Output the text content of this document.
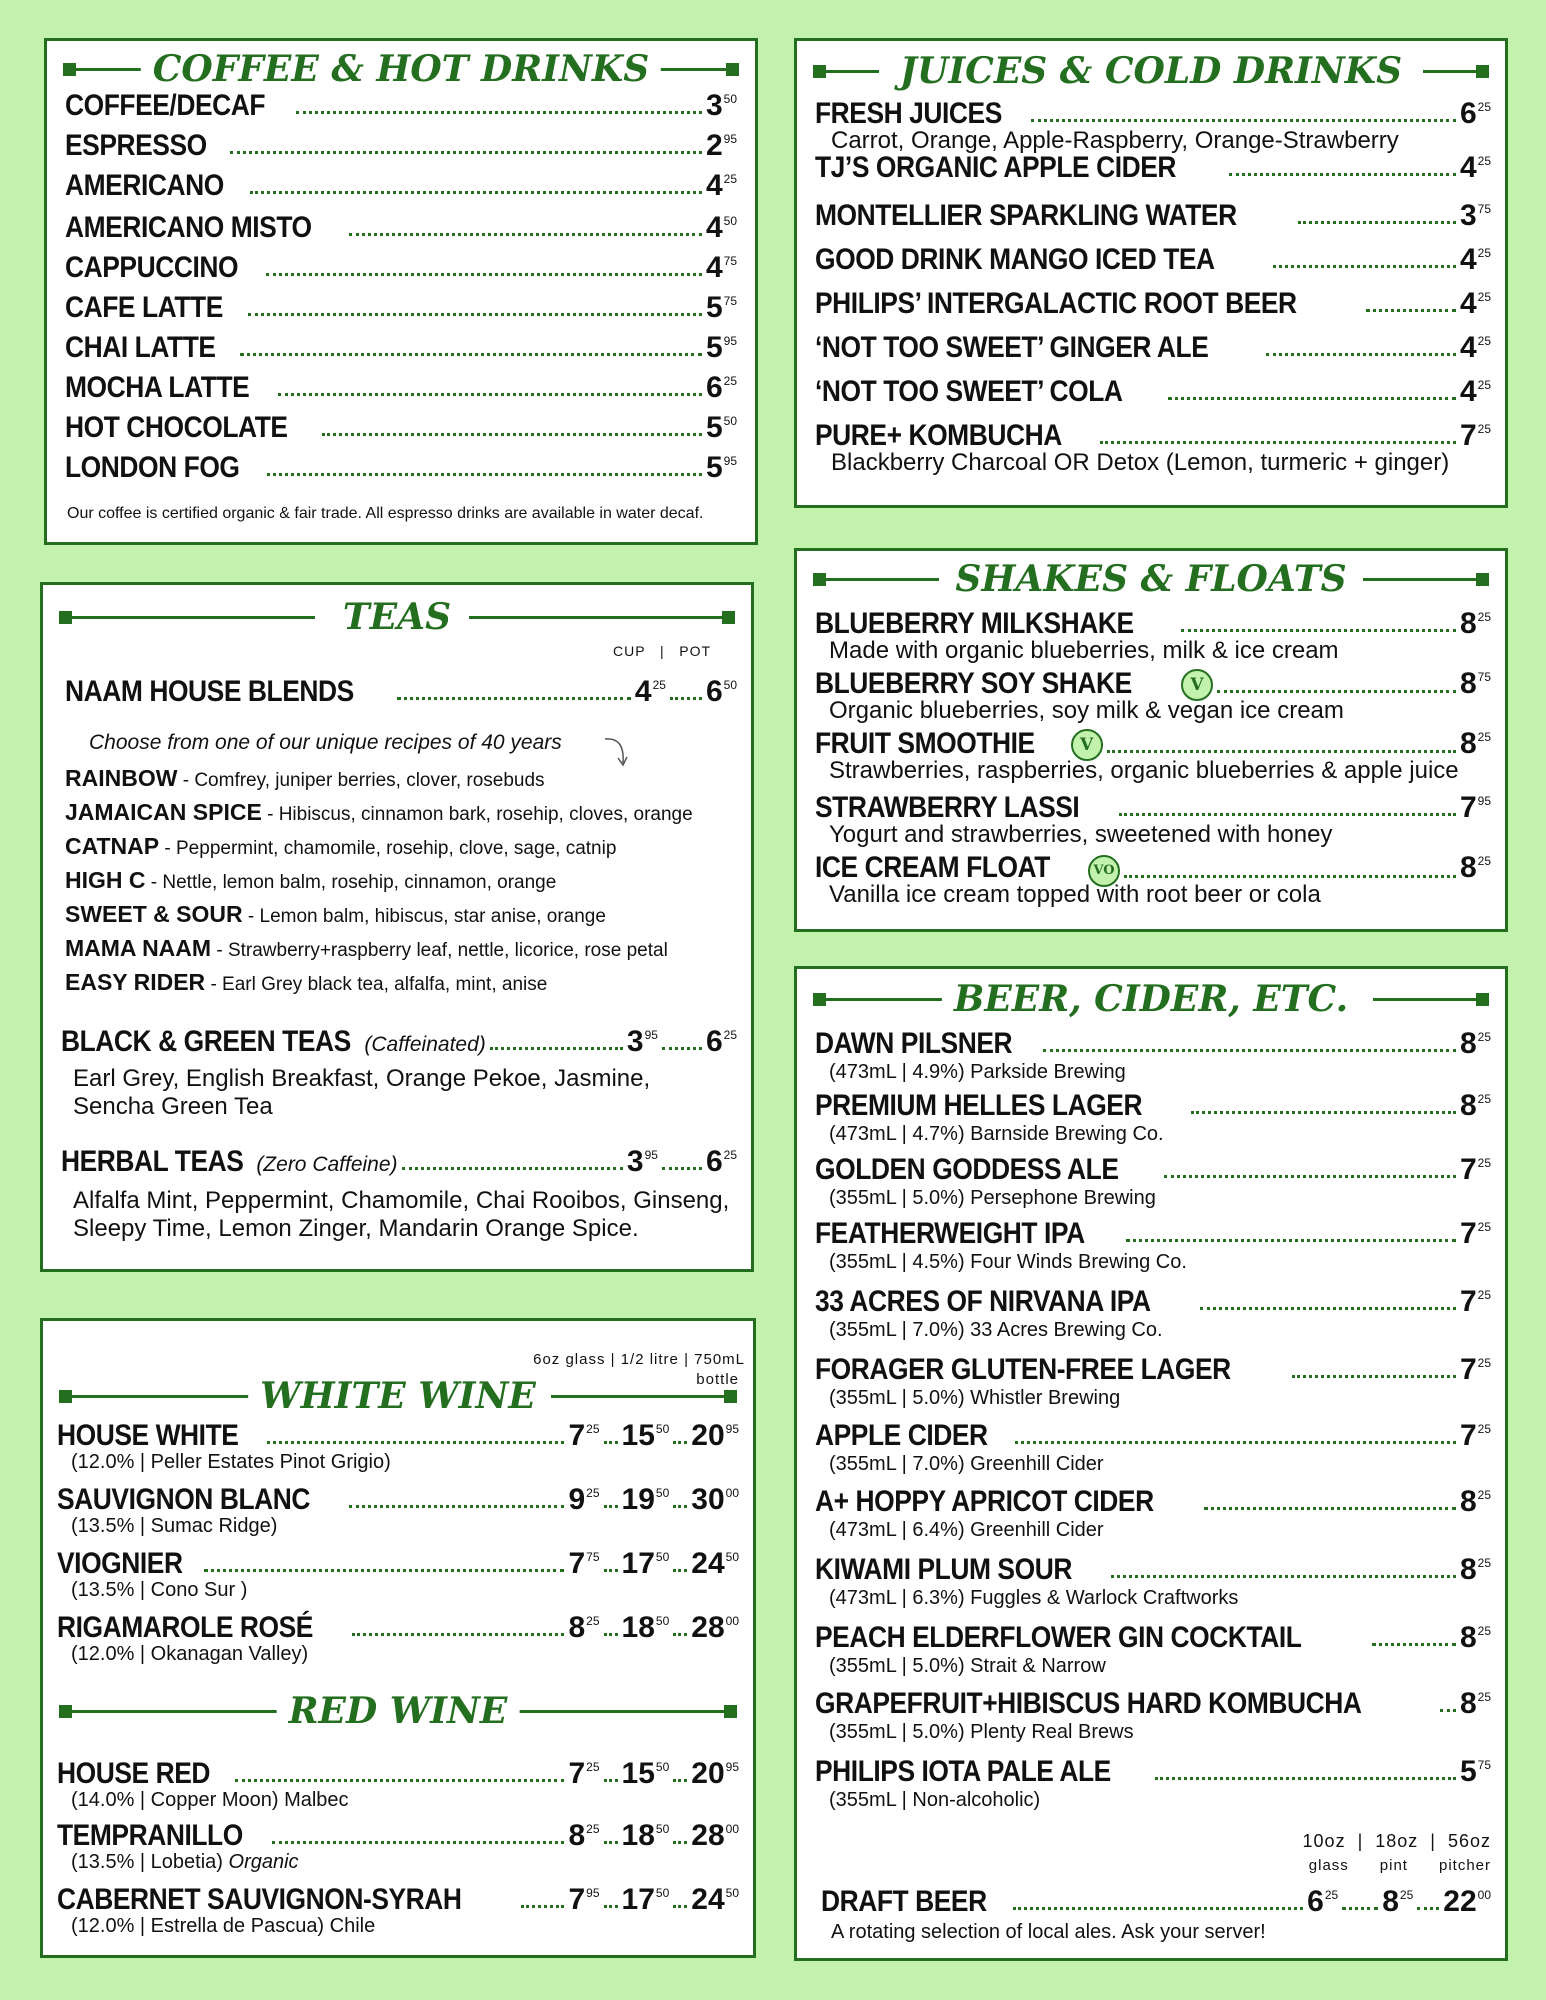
COFFEE & HOT DRINKS
COFFEE/DECAF	$3^{50}$
ESPRESSO	$2^{95}$
AMERICANO	$4^{25}$
AMERICANO MISTO	$4^{50}$
CAPPUCCINO	$4^{75}$
CAFE LATTE	$5^{75}$
CHAI LATTE	$5^{95}$
MOCHA LATTE	$6^{25}$
HOT CHOCOLATE	$5^{50}$
LONDON FOG	$5^{95}$
Our coffee is certified organic & fair trade. All espresso drinks are available in water decaf.
TEAS
CUP   |   POT
NAAM HOUSE BLENDS	$4^{25}$ $6^{50}$
Choose from one of our unique recipes of 40 years
RAINBOW - Comfrey, juniper berries, clover, rosebuds
JAMAICAN SPICE - Hibiscus, cinnamon bark, rosehip, cloves, orange
CATNAP - Peppermint, chamomile, rosehip, clove, sage, catnip
HIGH C - Nettle, lemon balm, rosehip, cinnamon, orange
SWEET & SOUR - Lemon balm, hibiscus, star anise, orange
MAMA NAAM - Strawberry+raspberry leaf, nettle, licorice, rose petal
EASY RIDER - Earl Grey black tea, alfalfa, mint, anise
BLACK & GREEN TEAS (Caffeinated)	$3^{95}$ $6^{25}$
Earl Grey, English Breakfast, Orange Pekoe, Jasmine,
Sencha Green Tea
HERBAL TEAS (Zero Caffeine)	$3^{95}$ $6^{25}$
Alfalfa Mint, Peppermint, Chamomile, Chai Rooibos, Ginseng,
Sleepy Time, Lemon Zinger, Mandarin Orange Spice.
6oz glass | 1/2 litre | 750mL
bottle
WHITE WINE
HOUSE WHITE	$7^{25}$ $15^{50}$ $20^{95}$
(12.0% | Peller Estates Pinot Grigio)
SAUVIGNON BLANC	$9^{25}$ $19^{50}$ $30^{00}$
(13.5% | Sumac Ridge)
VIOGNIER	$7^{75}$ $17^{50}$ $24^{50}$
(13.5% | Cono Sur )
RIGAMAROLE ROSÉ	$8^{25}$ $18^{50}$ $28^{00}$
(12.0% | Okanagan Valley)
RED WINE
HOUSE RED	$7^{25}$ $15^{50}$ $20^{95}$
(14.0% | Copper Moon) Malbec
TEMPRANILLO	$8^{25}$ $18^{50}$ $28^{00}$
(13.5% | Lobetia) Organic
CABERNET SAUVIGNON-SYRAH	$7^{95}$ $17^{50}$ $24^{50}$
(12.0% | Estrella de Pascua) Chile
JUICES & COLD DRINKS
FRESH JUICES	$6^{25}$
Carrot, Orange, Apple-Raspberry, Orange-Strawberry
TJ’S ORGANIC APPLE CIDER	$4^{25}$
MONTELLIER SPARKLING WATER	$3^{75}$
GOOD DRINK MANGO ICED TEA	$4^{25}$
PHILIPS’ INTERGALACTIC ROOT BEER	$4^{25}$
‘NOT TOO SWEET’ GINGER ALE	$4^{25}$
‘NOT TOO SWEET’ COLA	$4^{25}$
PURE+ KOMBUCHA	$7^{25}$
Blackberry Charcoal OR Detox (Lemon, turmeric + ginger)
SHAKES & FLOATS
BLUEBERRY MILKSHAKE	$8^{25}$
Made with organic blueberries, milk & ice cream
BLUEBERRY SOY SHAKE	V	$8^{75}$
Organic blueberries, soy milk & vegan ice cream
FRUIT SMOOTHIE	V	$8^{25}$
Strawberries, raspberries, organic blueberries & apple juice
STRAWBERRY LASSI	$7^{95}$
Yogurt and strawberries, sweetened with honey
ICE CREAM FLOAT	VO	$8^{25}$
Vanilla ice cream topped with root beer or cola
BEER, CIDER, ETC.
DAWN PILSNER	$8^{25}$
(473mL | 4.9%) Parkside Brewing
PREMIUM HELLES LAGER	$8^{25}$
(473mL | 4.7%) Barnside Brewing Co.
GOLDEN GODDESS ALE	$7^{25}$
(355mL | 5.0%) Persephone Brewing
FEATHERWEIGHT IPA	$7^{25}$
(355mL | 4.5%) Four Winds Brewing Co.
33 ACRES OF NIRVANA IPA	$7^{25}$
(355mL | 7.0%) 33 Acres Brewing Co.
FORAGER GLUTEN-FREE LAGER	$7^{25}$
(355mL | 5.0%) Whistler Brewing
APPLE CIDER	$7^{25}$
(355mL | 7.0%) Greenhill Cider
A+ HOPPY APRICOT CIDER	$8^{25}$
(473mL | 6.4%) Greenhill Cider
KIWAMI PLUM SOUR	$8^{25}$
(473mL | 6.3%) Fuggles & Warlock Craftworks
PEACH ELDERFLOWER GIN COCKTAIL	$8^{25}$
(355mL | 5.0%) Strait & Narrow
GRAPEFRUIT+HIBISCUS HARD KOMBUCHA	$8^{25}$
(355mL | 5.0%) Plenty Real Brews
PHILIPS IOTA PALE ALE	$5^{75}$
(355mL | Non-alcoholic)
10oz  |  18oz  |  56oz
glass      pint      pitcher
DRAFT BEER	$6^{25}$ $8^{25}$ $22^{00}$
A rotating selection of local ales. Ask your server!
